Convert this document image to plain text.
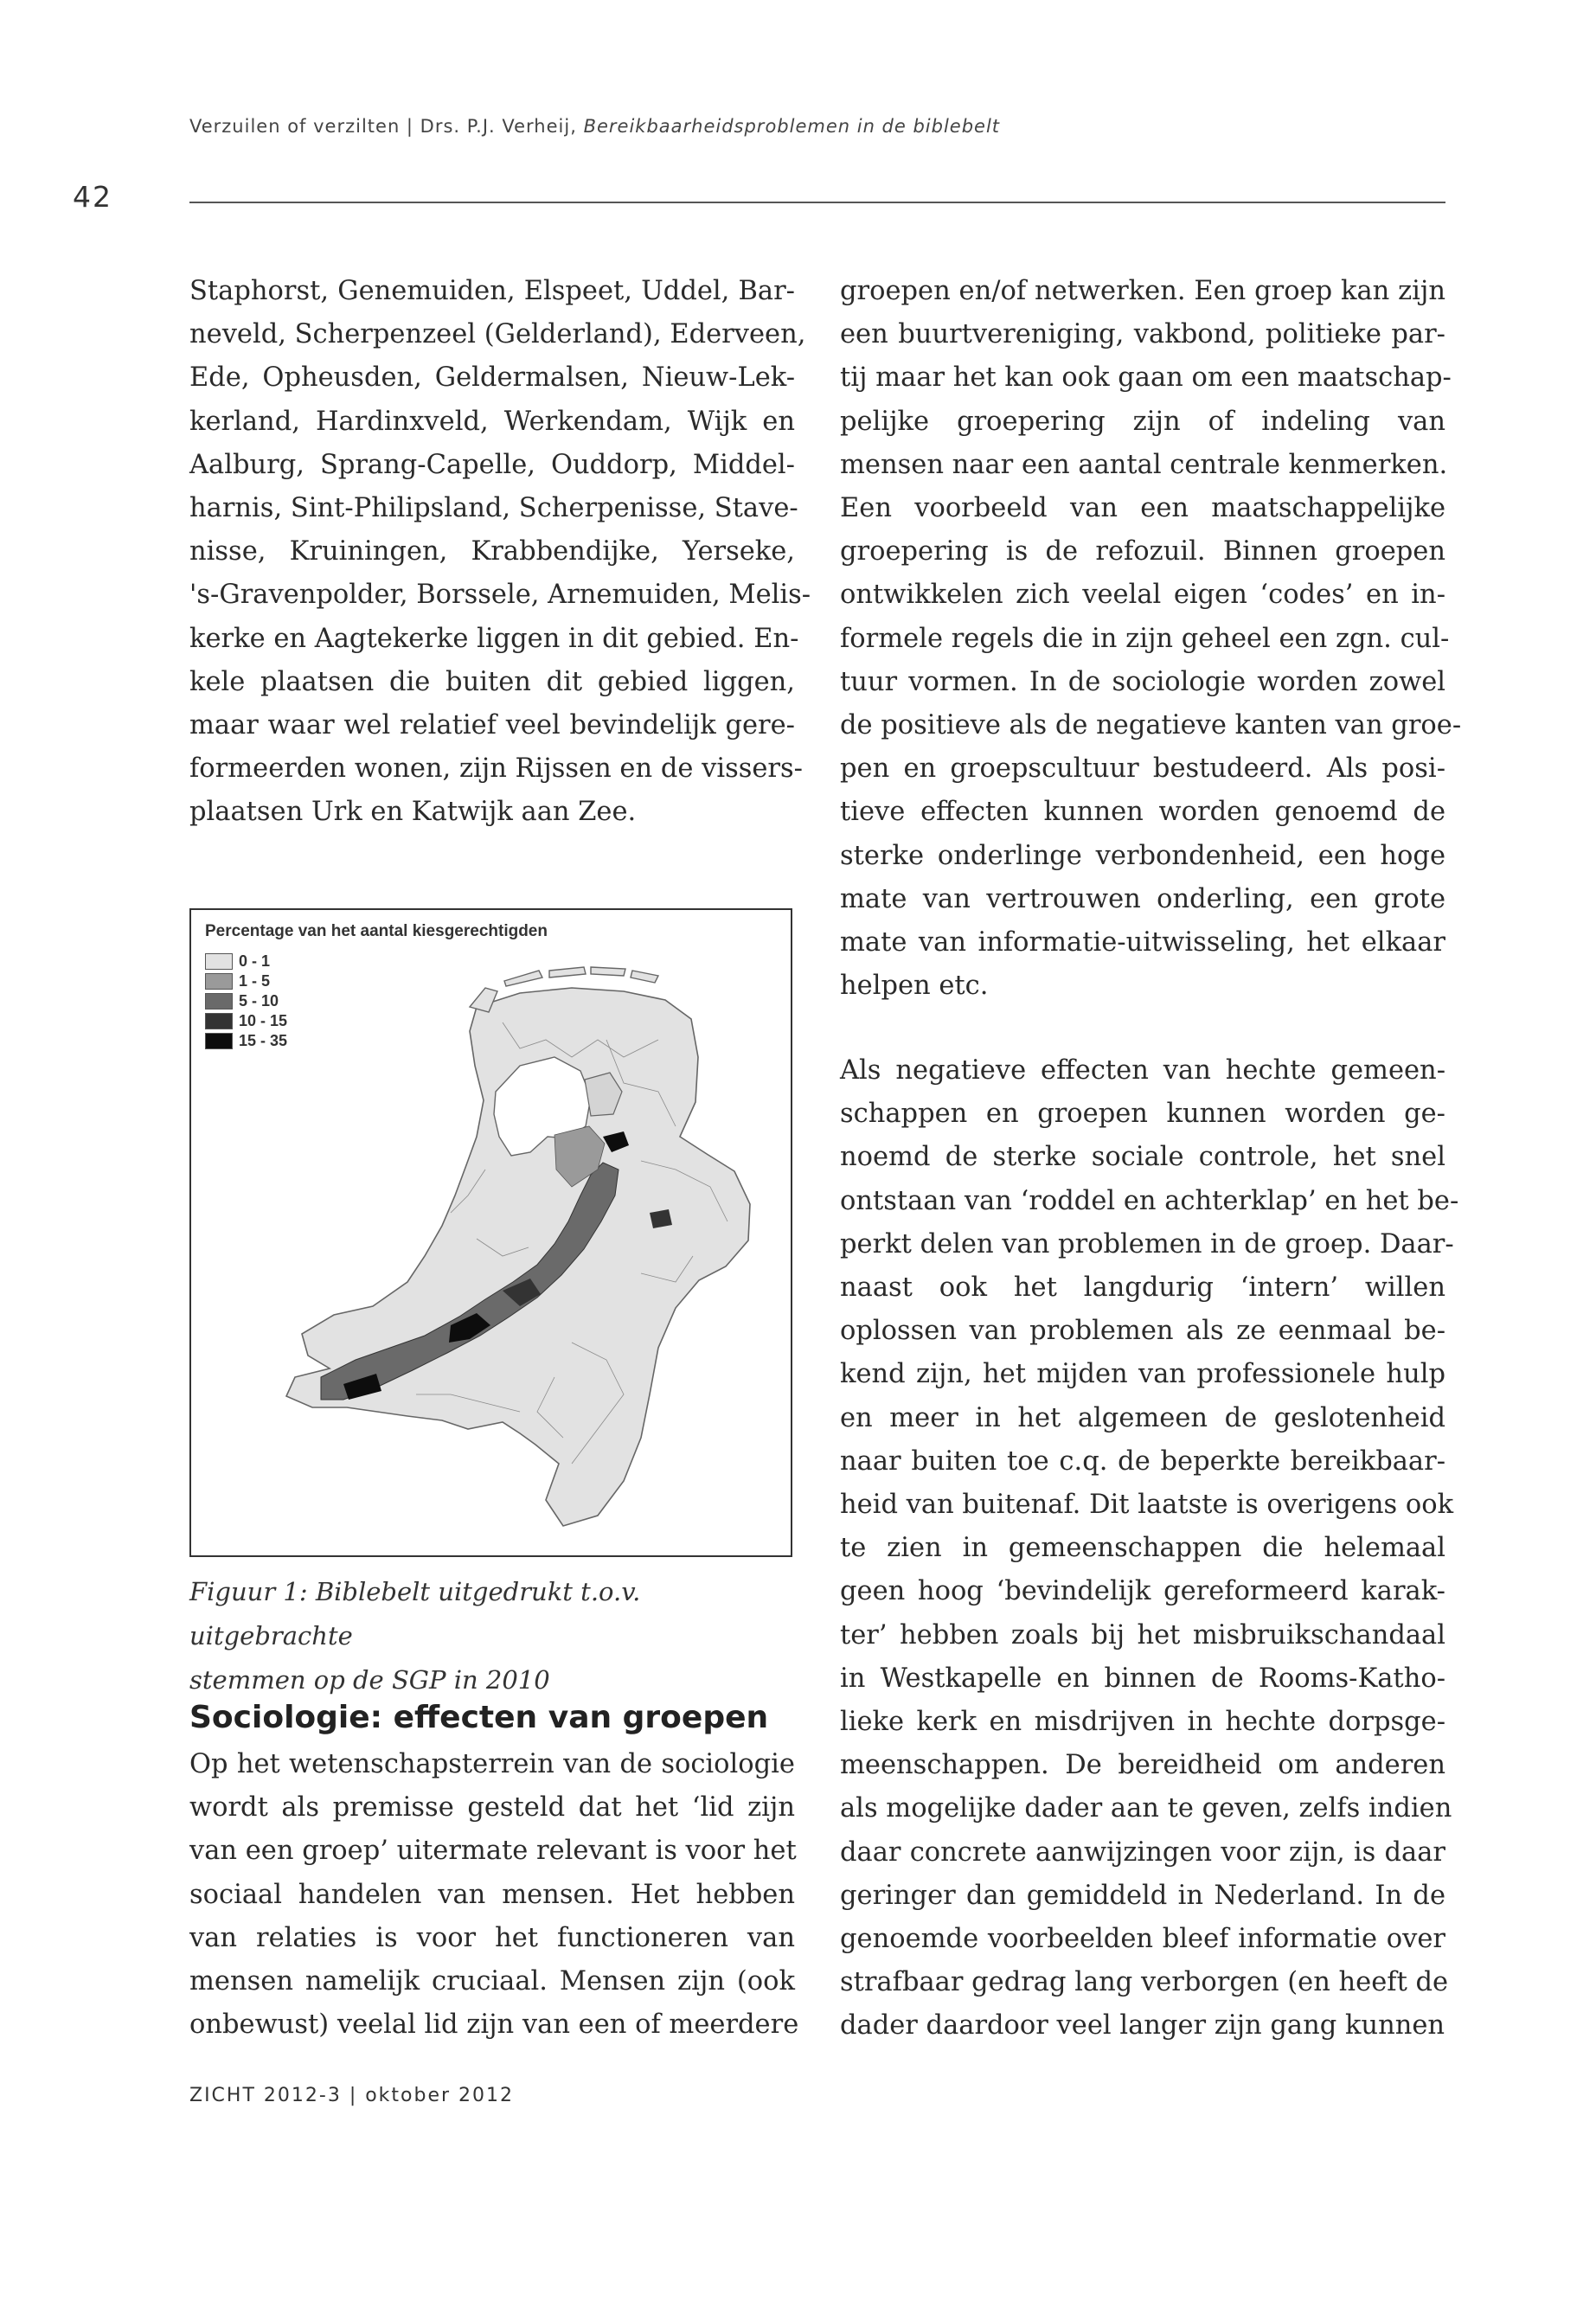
Verzuilen of verzilten | Drs. P.J. Verheij, Bereikbaarheidsproblemen in de biblebelt
42

Staphorst, Genemuiden, Elspeet, Uddel, Bar-
neveld, Scherpenzeel (Gelderland), Ederveen,
Ede, Opheusden, Geldermalsen, Nieuw-Lek-
kerland, Hardinxveld, Werkendam, Wijk en
Aalburg, Sprang-Capelle, Ouddorp, Middel-
harnis, Sint-Philipsland, Scherpenisse, Stave-
nisse, Kruiningen, Krabbendijke, Yerseke,
's-Gravenpolder, Borssele, Arnemuiden, Melis-
kerke en Aagtekerke liggen in dit gebied. En-
kele plaatsen die buiten dit gebied liggen,
maar waar wel relatief veel bevindelijk gere-
formeerden wonen, zijn Rijssen en de vissers-
plaatsen Urk en Katwijk aan Zee.

Percentage van het aantal kiesgerechtigden
0 - 1
1 - 5
5 - 10
10 - 15
15 - 35
Figuur 1: Biblebelt uitgedrukt t.o.v. uitgebrachte
stemmen op de SGP in 2010
Sociologie: effecten van groepen

Op het wetenschapsterrein van de sociologie
wordt als premisse gesteld dat het ‘lid zijn
van een groep’ uitermate relevant is voor het
sociaal handelen van mensen. Het hebben
van relaties is voor het functioneren van
mensen namelijk cruciaal. Mensen zijn (ook
onbewust) veelal lid zijn van een of meerdere

groepen en/of netwerken. Een groep kan zijn
een buurtvereniging, vakbond, politieke par-
tij maar het kan ook gaan om een maatschap-
pelijke groepering zijn of indeling van
mensen naar een aantal centrale kenmerken.
Een voorbeeld van een maatschappelijke
groepering is de refozuil. Binnen groepen
ontwikkelen zich veelal eigen ‘codes’ en in-
formele regels die in zijn geheel een zgn. cul-
tuur vormen. In de sociologie worden zowel
de positieve als de negatieve kanten van groe-
pen en groepscultuur bestudeerd. Als posi-
tieve effecten kunnen worden genoemd de
sterke onderlinge verbondenheid, een hoge
mate van vertrouwen onderling, een grote
mate van informatie-uitwisseling, het elkaar
helpen etc.

Als negatieve effecten van hechte gemeen-
schappen en groepen kunnen worden ge-
noemd de sterke sociale controle, het snel
ontstaan van ‘roddel en achterklap’ en het be-
perkt delen van problemen in de groep. Daar-
naast ook het langdurig ‘intern’ willen
oplossen van problemen als ze eenmaal be-
kend zijn, het mijden van professionele hulp
en meer in het algemeen de geslotenheid
naar buiten toe c.q. de beperkte bereikbaar-
heid van buitenaf. Dit laatste is overigens ook
te zien in gemeenschappen die helemaal
geen hoog ‘bevindelijk gereformeerd karak-
ter’ hebben zoals bij het misbruikschandaal
in Westkapelle en binnen de Rooms-Katho-
lieke kerk en misdrijven in hechte dorpsge-
meenschappen. De bereidheid om anderen
als mogelijke dader aan te geven, zelfs indien
daar concrete aanwijzingen voor zijn, is daar
geringer dan gemiddeld in Nederland. In de
genoemde voorbeelden bleef informatie over
strafbaar gedrag lang verborgen (en heeft de
dader daardoor veel langer zijn gang kunnen

ZICHT 2012-3 | oktober 2012
